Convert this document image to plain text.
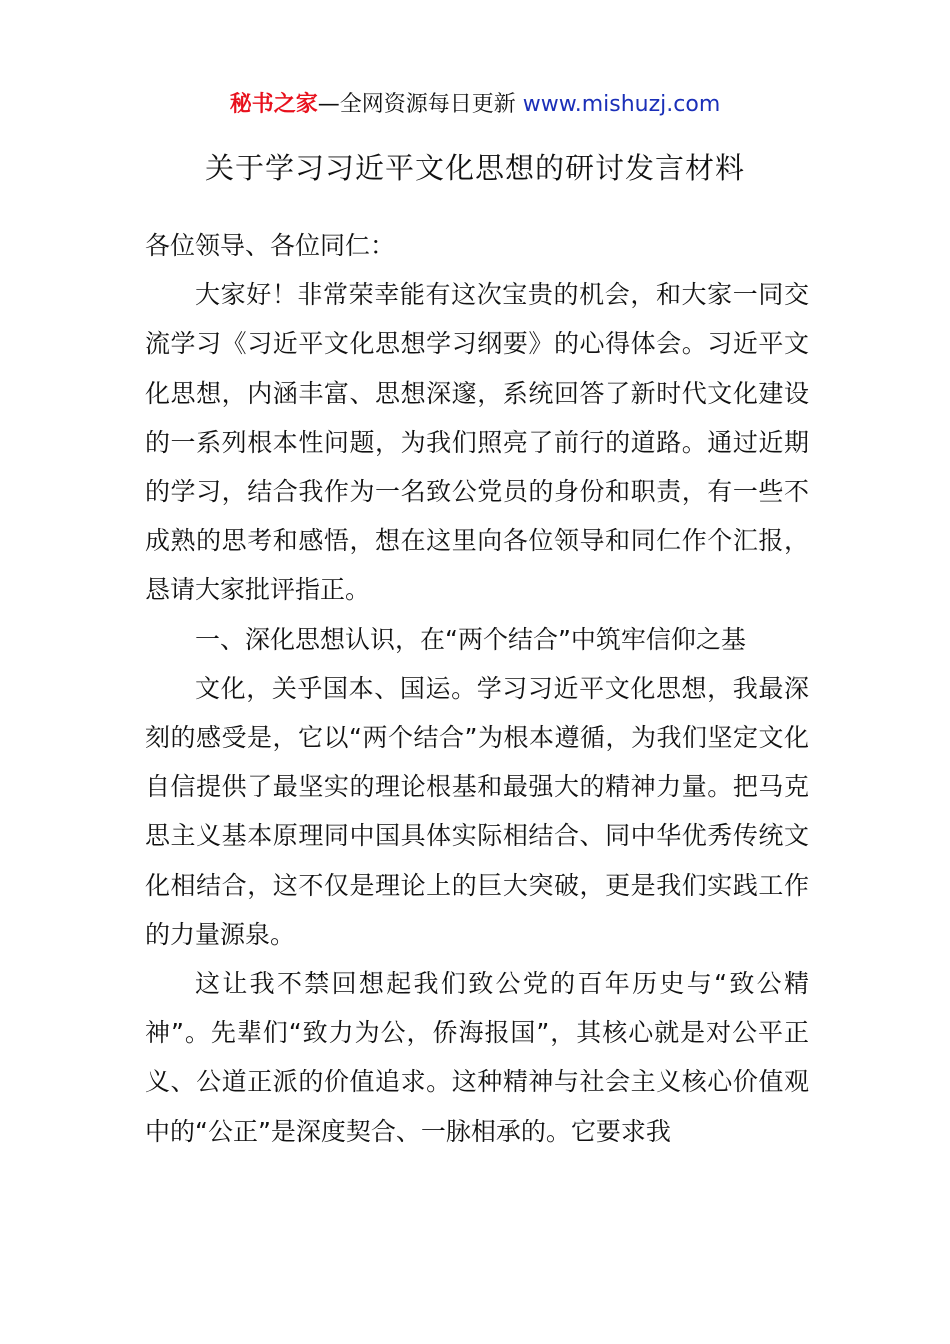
秘书之家—全网资源每日更新 www.mishuzj.com
关于学习习近平文化思想的研讨发言材料

各位领导、各位同仁：

大家好！非常荣幸能有这次宝贵的机会，和大家一同交流学习《习近平文化思想学习纲要》的心得体会。习近平文化思想，内涵丰富、思想深邃，系统回答了新时代文化建设的一系列根本性问题，为我们照亮了前行的道路。通过近期的学习，结合我作为一名致公党员的身份和职责，有一些不成熟的思考和感悟，想在这里向各位领导和同仁作个汇报，恳请大家批评指正。

一、深化思想认识，在“两个结合”中筑牢信仰之基

文化，关乎国本、国运。学习习近平文化思想，我最深刻的感受是，它以“两个结合”为根本遵循，为我们坚定文化自信提供了最坚实的理论根基和最强大的精神力量。把马克思主义基本原理同中国具体实际相结合、同中华优秀传统文化相结合，这不仅是理论上的巨大突破，更是我们实践工作的力量源泉。

这让我不禁回想起我们致公党的百年历史与“致公精神”。先辈们“致力为公，侨海报国”，其核心就是对公平正义、公道正派的价值追求。这种精神与社会主义核心价值观中的“公正”是深度契合、一脉相承的。它要求我
